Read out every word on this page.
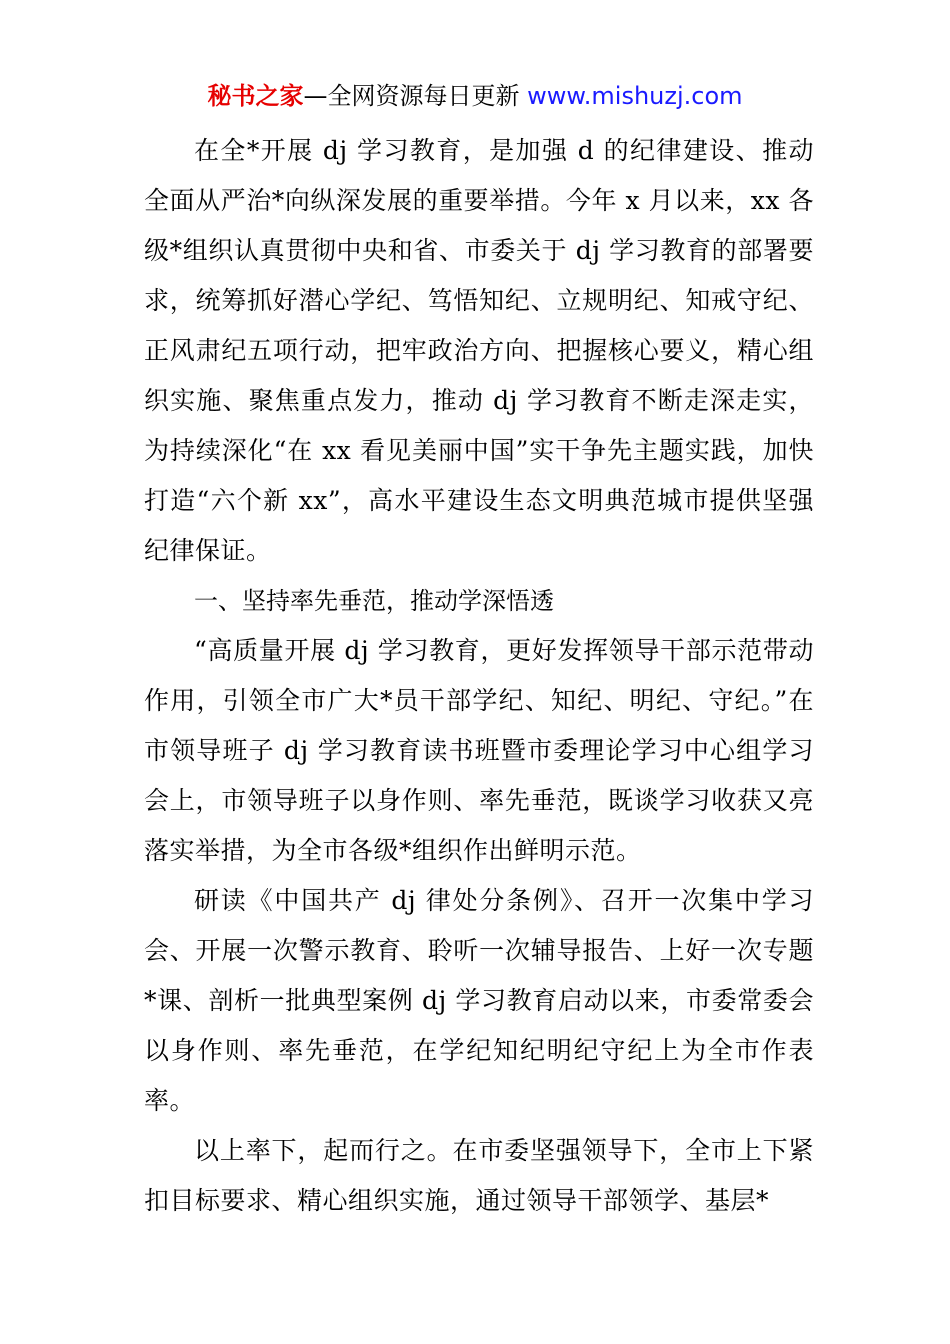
秘书之家—全网资源每日更新 www.mishuzj.com

在全*开展 dj 学习教育，是加强 d 的纪律建设、推动全面从严治*向纵深发展的重要举措。今年 x 月以来，xx 各级*组织认真贯彻中央和省、市委关于 dj 学习教育的部署要求，统筹抓好潜心学纪、笃悟知纪、立规明纪、知戒守纪、正风肃纪五项行动，把牢政治方向、把握核心要义，精心组织实施、聚焦重点发力，推动 dj 学习教育不断走深走实，为持续深化“在 xx 看见美丽中国”实干争先主题实践，加快打造“六个新 xx”，高水平建设生态文明典范城市提供坚强纪律保证。

一、坚持率先垂范，推动学深悟透

“高质量开展 dj 学习教育，更好发挥领导干部示范带动作用，引领全市广大*员干部学纪、知纪、明纪、守纪。”在市领导班子 dj 学习教育读书班暨市委理论学习中心组学习会上，市领导班子以身作则、率先垂范，既谈学习收获又亮落实举措，为全市各级*组织作出鲜明示范。

研读《中国共产 dj 律处分条例》、召开一次集中学习会、开展一次警示教育、聆听一次辅导报告、上好一次专题*课、剖析一批典型案例 dj 学习教育启动以来，市委常委会以身作则、率先垂范，在学纪知纪明纪守纪上为全市作表率。

以上率下，起而行之。在市委坚强领导下，全市上下紧扣目标要求、精心组织实施，通过领导干部领学、基层*
